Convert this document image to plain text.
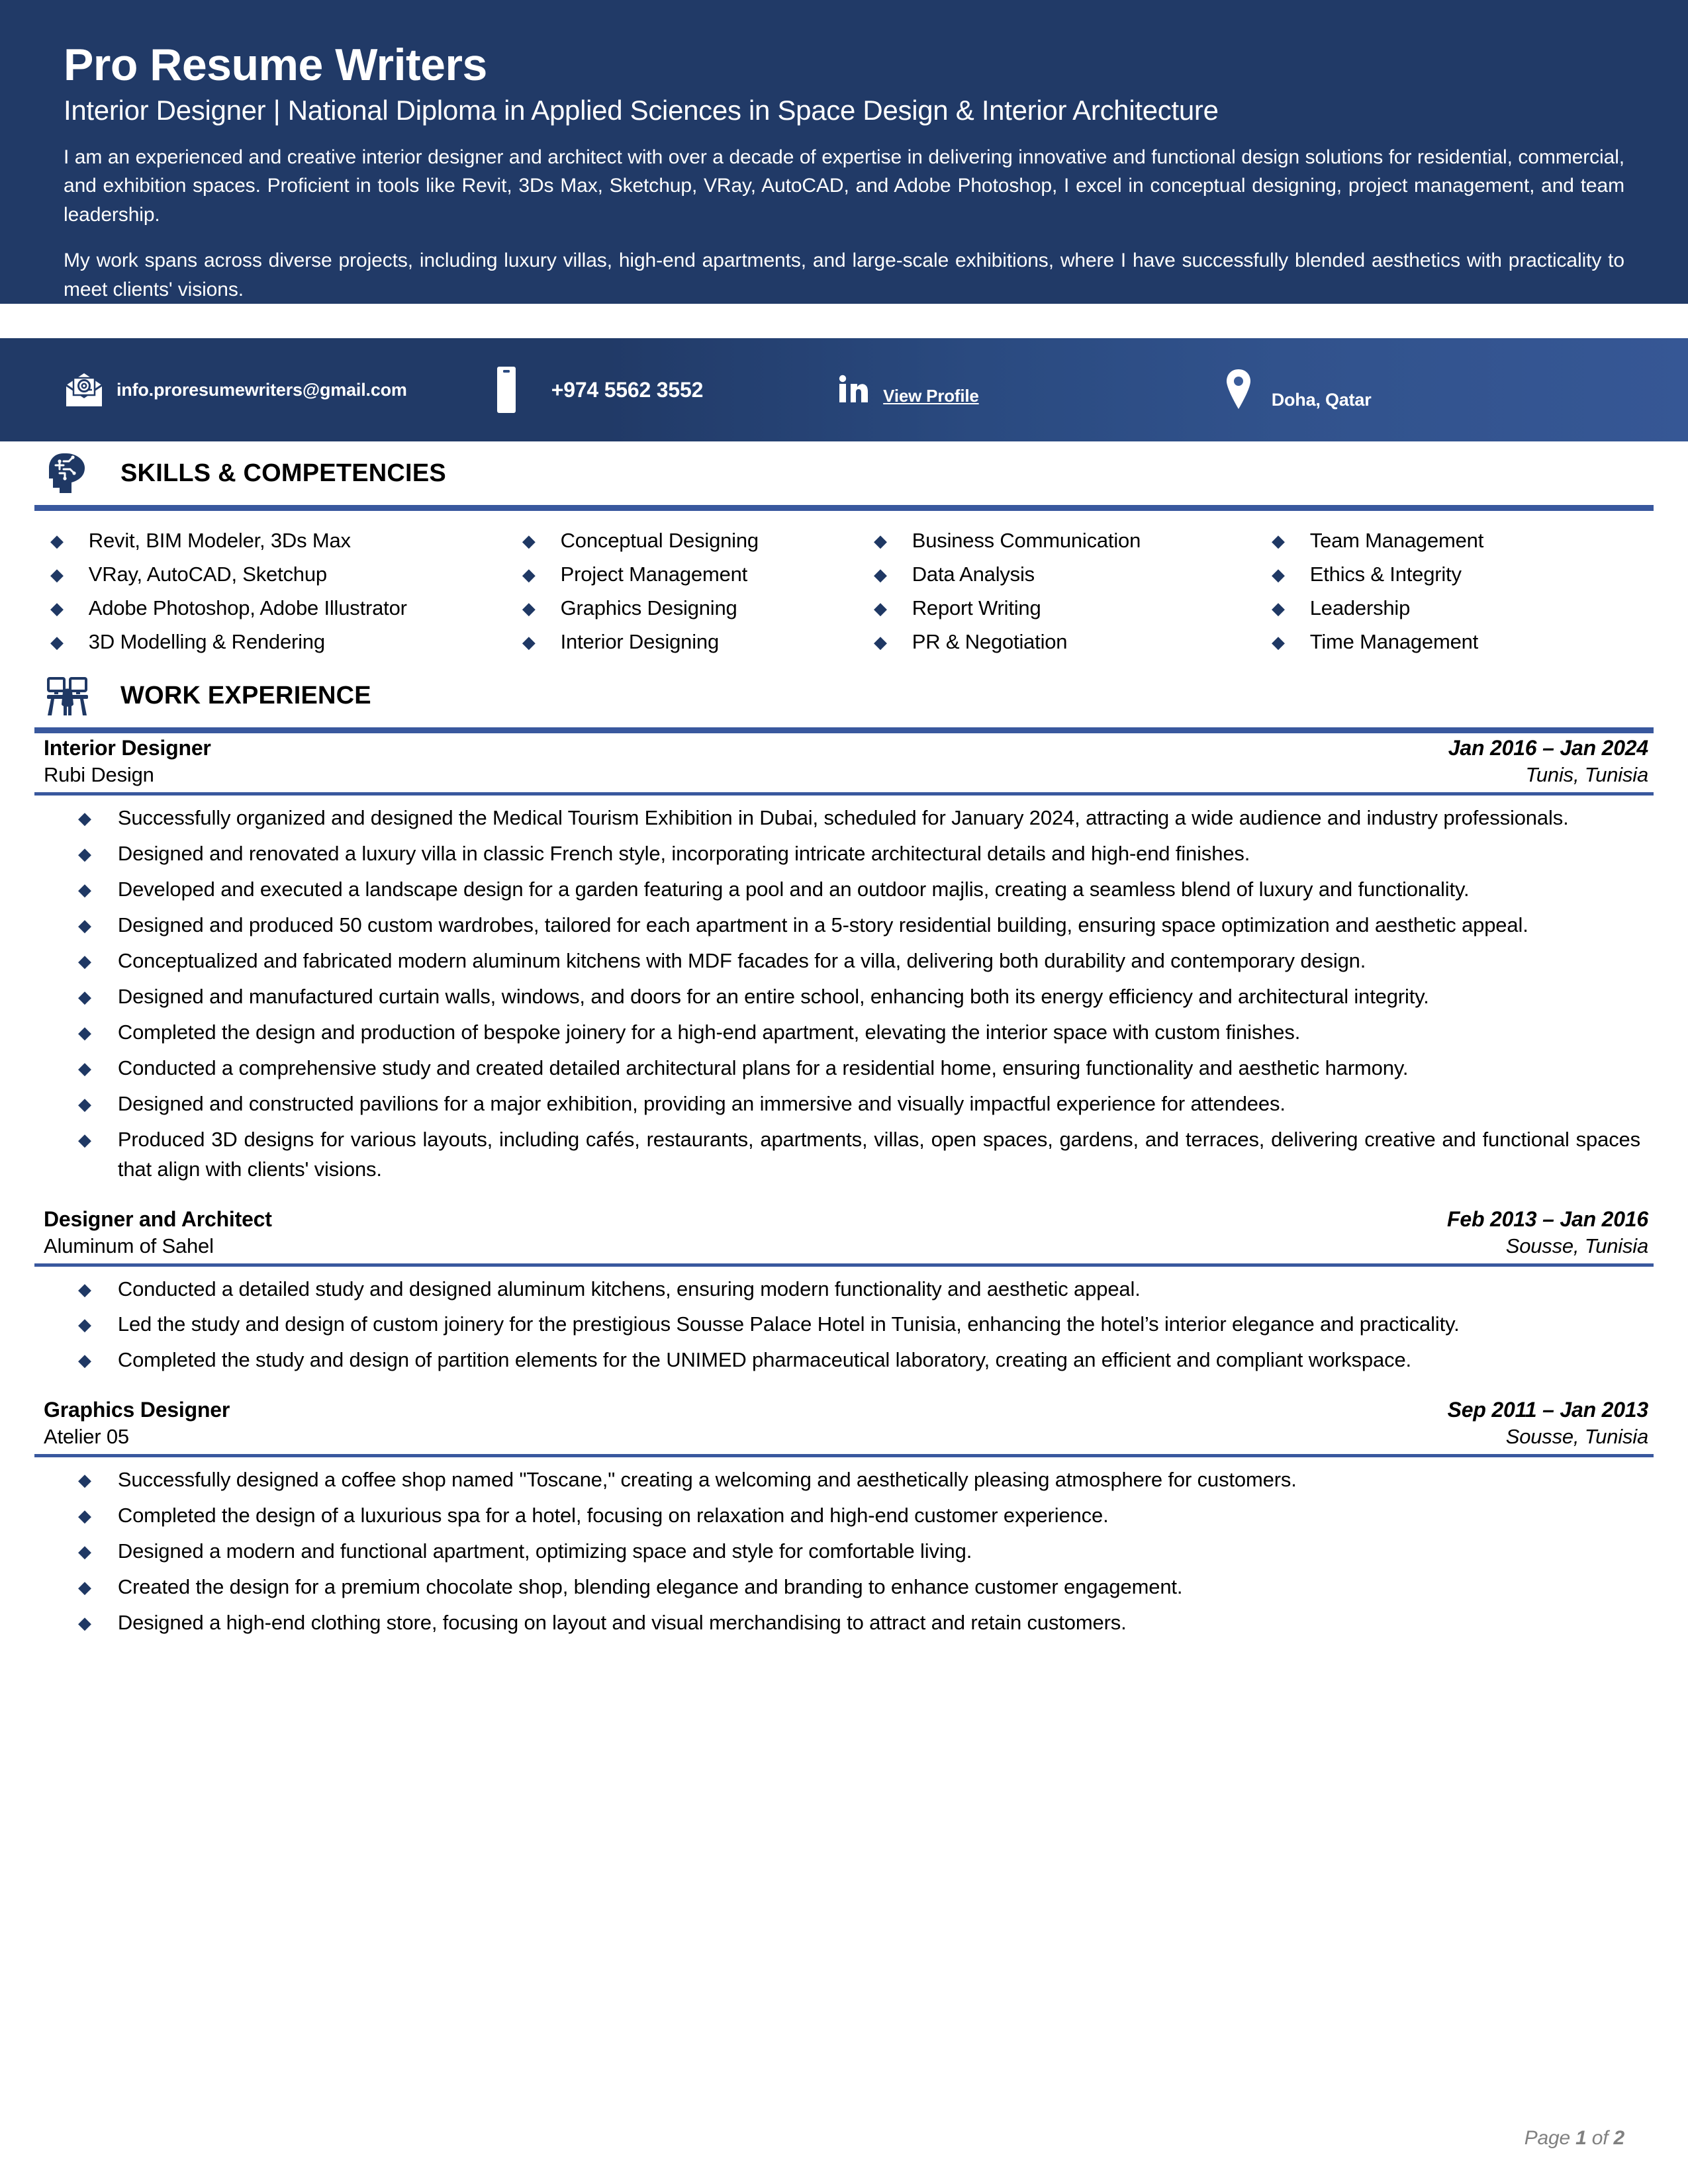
Pro Resume Writers
Interior Designer | National Diploma in Applied Sciences in Space Design & Interior Architecture

I am an experienced and creative interior designer and architect with over a decade of expertise in delivering innovative and functional design solutions for residential, commercial, and exhibition spaces. Proficient in tools like Revit, 3Ds Max, Sketchup, VRay, AutoCAD, and Adobe Photoshop, I excel in conceptual designing, project management, and team leadership.

My work spans across diverse projects, including luxury villas, high-end apartments, and large-scale exhibitions, where I have successfully blended aesthetics with practicality to meet clients' visions.

info.proresumewriters@gmail.com	+974 5562 3552	View Profile	Doha, Qatar
SKILLS & COMPETENCIES
◆ Revit, BIM Modeler, 3Ds Max
◆ VRay, AutoCAD, Sketchup
◆ Adobe Photoshop, Adobe Illustrator
◆ 3D Modelling & Rendering
◆ Conceptual Designing
◆ Project Management
◆ Graphics Designing
◆ Interior Designing
◆ Business Communication
◆ Data Analysis
◆ Report Writing
◆ PR & Negotiation
◆ Team Management
◆ Ethics & Integrity
◆ Leadership
◆ Time Management
WORK EXPERIENCE
Interior Designer	Jan 2016 – Jan 2024
Rubi Design	Tunis, Tunisia
◆ Successfully organized and designed the Medical Tourism Exhibition in Dubai, scheduled for January 2024, attracting a wide audience and industry professionals.
◆ Designed and renovated a luxury villa in classic French style, incorporating intricate architectural details and high-end finishes.
◆ Developed and executed a landscape design for a garden featuring a pool and an outdoor majlis, creating a seamless blend of luxury and functionality.
◆ Designed and produced 50 custom wardrobes, tailored for each apartment in a 5-story residential building, ensuring space optimization and aesthetic appeal.
◆ Conceptualized and fabricated modern aluminum kitchens with MDF facades for a villa, delivering both durability and contemporary design.
◆ Designed and manufactured curtain walls, windows, and doors for an entire school, enhancing both its energy efficiency and architectural integrity.
◆ Completed the design and production of bespoke joinery for a high-end apartment, elevating the interior space with custom finishes.
◆ Conducted a comprehensive study and created detailed architectural plans for a residential home, ensuring functionality and aesthetic harmony.
◆ Designed and constructed pavilions for a major exhibition, providing an immersive and visually impactful experience for attendees.
◆ Produced 3D designs for various layouts, including cafés, restaurants, apartments, villas, open spaces, gardens, and terraces, delivering creative and functional spaces that align with clients' visions.
Designer and Architect	Feb 2013 – Jan 2016
Aluminum of Sahel	Sousse, Tunisia
◆ Conducted a detailed study and designed aluminum kitchens, ensuring modern functionality and aesthetic appeal.
◆ Led the study and design of custom joinery for the prestigious Sousse Palace Hotel in Tunisia, enhancing the hotel’s interior elegance and practicality.
◆ Completed the study and design of partition elements for the UNIMED pharmaceutical laboratory, creating an efficient and compliant workspace.
Graphics Designer	Sep 2011 – Jan 2013
Atelier 05	Sousse, Tunisia
◆ Successfully designed a coffee shop named "Toscane," creating a welcoming and aesthetically pleasing atmosphere for customers.
◆ Completed the design of a luxurious spa for a hotel, focusing on relaxation and high-end customer experience.
◆ Designed a modern and functional apartment, optimizing space and style for comfortable living.
◆ Created the design for a premium chocolate shop, blending elegance and branding to enhance customer engagement.
◆ Designed a high-end clothing store, focusing on layout and visual merchandising to attract and retain customers.
Page 1 of 2
